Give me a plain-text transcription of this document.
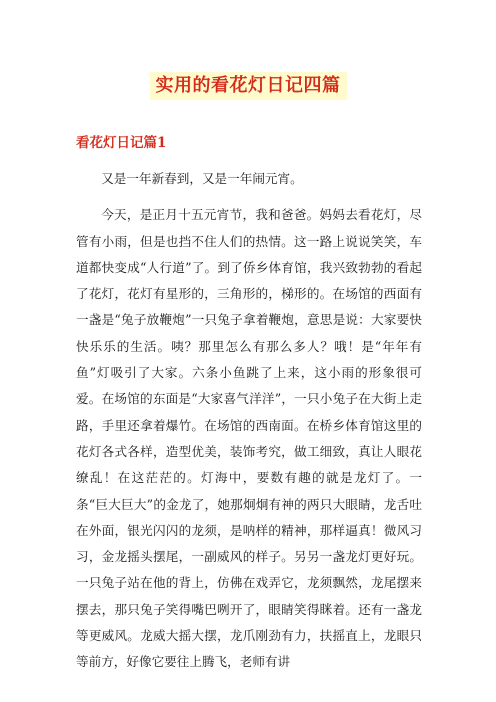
实用的看花灯日记四篇
看花灯日记篇1

又是一年新春到，又是一年闹元宵。

今天，是正月十五元宵节，我和爸爸。妈妈去看花灯，尽管有小雨，但是也挡不住人们的热情。这一路上说说笑笑，车道都快变成“人行道”了。到了侨乡体育馆，我兴致勃勃的看起了花灯，花灯有星形的，三角形的，梯形的。在场馆的西面有一盏是“兔子放鞭炮”一只兔子拿着鞭炮，意思是说：大家要快快乐乐的生活。咦？那里怎么有那么多人？哦！是“年年有鱼”灯吸引了大家。六条小鱼跳了上来，这小雨的形象很可爱。在场馆的东面是“大家喜气洋洋”，一只小兔子在大街上走路，手里还拿着爆竹。在场馆的西南面。在桥乡体育馆这里的花灯各式各样，造型优美，装饰考究，做工细致，真让人眼花缭乱！在这茫茫的。灯海中，要数有趣的就是龙灯了。一条“巨大巨大”的金龙了，她那炯炯有神的两只大眼睛，龙舌吐在外面，银光闪闪的龙须，是呐样的精神，那样逼真！微风习习，金龙摇头摆尾，一副威风的样子。另另一盏龙灯更好玩。一只兔子站在他的背上，仿佛在戏弄它，龙须飘然，龙尾摆来摆去，那只兔子笑得嘴巴咧开了，眼睛笑得眯着。还有一盏龙等更威风。龙威大摇大摆，龙爪刚劲有力，扶摇直上，龙眼只等前方，好像它要往上腾飞，老师有讲
